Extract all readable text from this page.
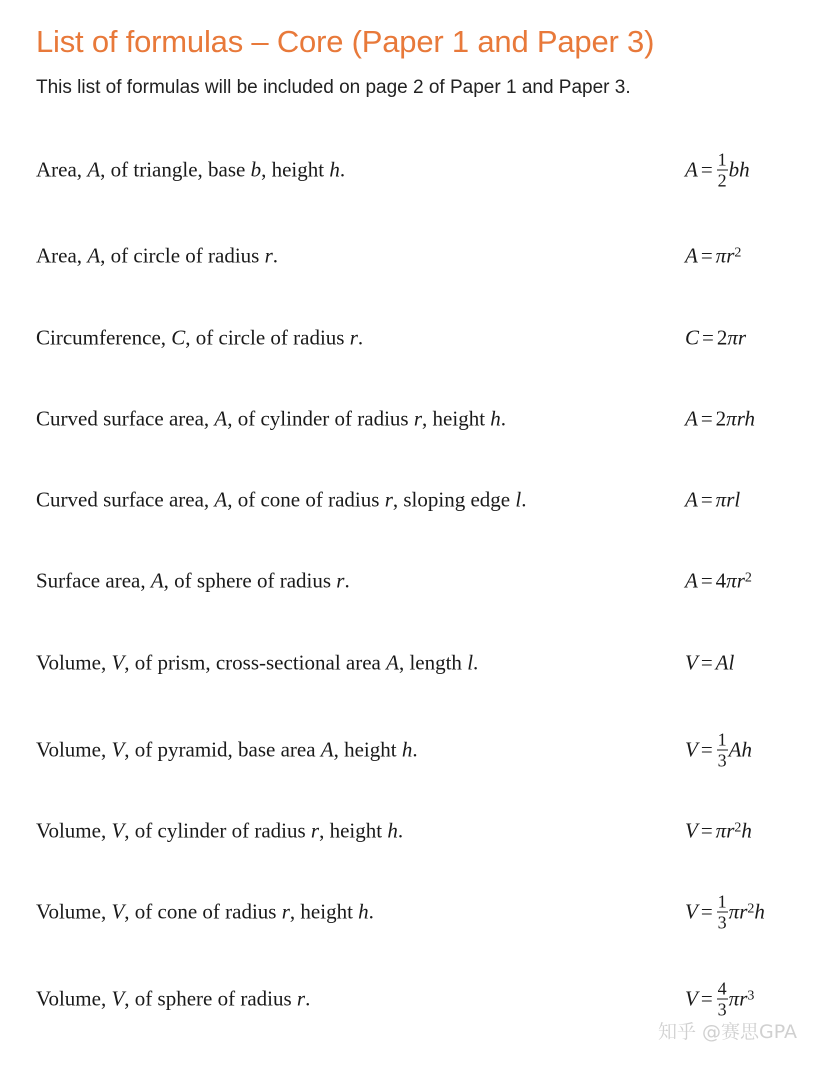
List of formulas – Core (Paper 1 and Paper 3)
This list of formulas will be included on page 2 of Paper 1 and Paper 3.
Area, A, of triangle, base b, height h.	$A = \frac{1}{2}$ bh
Area, A, of circle of radius r.	$A = \pi r^2$
Circumference, C, of circle of radius r.	C = 2 πr
Curved surface area, A, of cylinder of radius r, height h.	A = 2 πrh
Curved surface area, A, of cone of radius r, sloping edge l.	A = πrl
Surface area, A, of sphere of radius r.	A = 4 $\pi r^2$
Volume, V, of prism, cross-sectional area A, length l.	V = Al
Volume, V, of pyramid, base area A, height h.	$V = \frac{1}{3}$ Ah
Volume, V, of cylinder of radius r, height h.	$V = \pi r^2$ h
Volume, V, of cone of radius r, height h.	$V = \frac{1}{3} \pi r^2$ h
Volume, V, of sphere of radius r.	$V = \frac{4}{3} \pi r^3$
知乎 @赛思GPA
